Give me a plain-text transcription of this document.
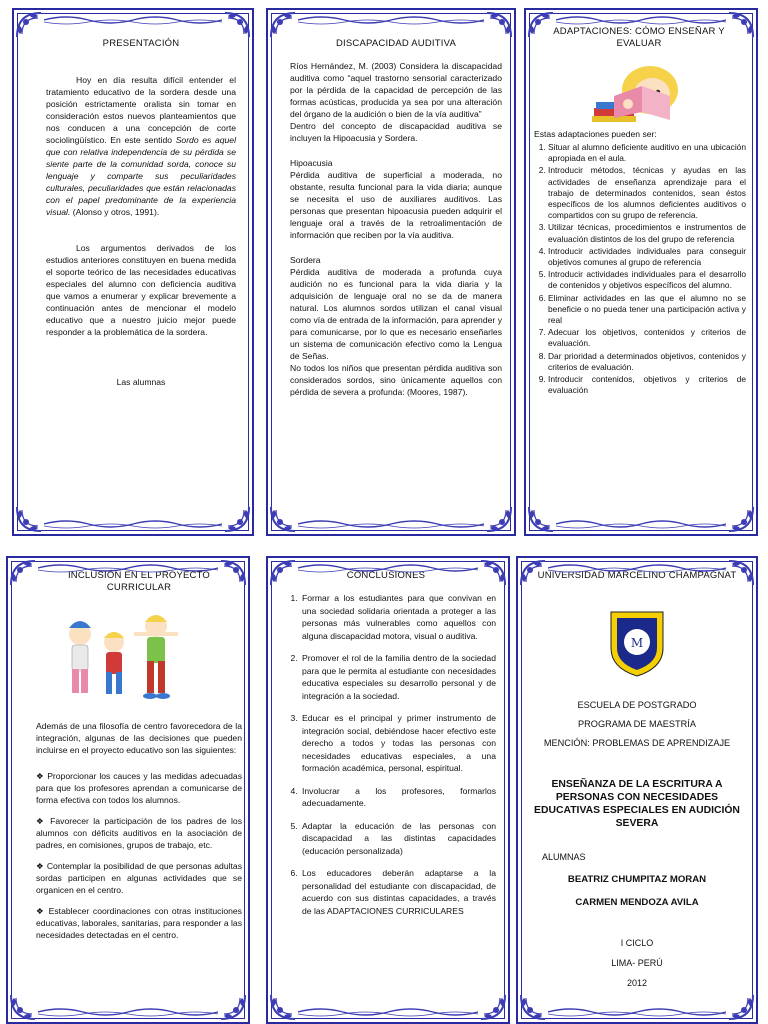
PRESENTACIÓN

Hoy en día resulta difícil entender el tratamiento educativo de la sordera desde una posición estrictamente oralista sin tomar en consideración estos nuevos planteamientos que nos conducen a una concepción de corte sociolingüístico. En este sentido Sordo es aquel que con relativa independencia de su pérdida se siente parte de la comunidad sorda, conoce su lenguaje y comparte sus peculiaridades culturales, peculiaridades que están relacionadas con el papel predominante de la experiencia visual. (Alonso y otros, 1991).

Los argumentos derivados de los estudios anteriores constituyen en buena medida el soporte teórico de las necesidades educativas especiales del alumno con deficiencia auditiva que vamos a enumerar y explicar brevemente a continuación antes de mencionar el modelo educativo que a nuestro juicio mejor puede responder a la problemática de la sordera.

Las alumnas
DISCAPACIDAD AUDITIVA

Ríos Hernández, M. (2003) Considera la discapacidad auditiva como “aquel trastorno sensorial caracterizado por la pérdida de la capacidad de percepción de las formas acústicas, producida ya sea por una alteración del órgano de la audición o bien de la vía auditiva”

Dentro del concepto de discapacidad auditiva se incluyen la Hipoacusia y Sordera.

Hipoacusia

Pérdida auditiva de superficial a moderada, no obstante, resulta funcional para la vida diaria; aunque se necesita el uso de auxiliares auditivos. Las personas que presentan hipoacusia pueden adquirir el lenguaje oral a través de la retroalimentación de información que reciben por la vía auditiva.

Sordera

Pérdida auditiva de moderada a profunda cuya audición no es funcional para la vida diaria y la adquisición de lenguaje oral no se da de manera natural. Los alumnos sordos utilizan el canal visual como vía de entrada de la información, para aprender y para comunicarse, por lo que es necesario enseñarles un sistema de comunicación efectivo como la Lengua de Señas.

No todos los niños que presentan pérdida auditiva son considerados sordos, sino únicamente aquellos con pérdida de severa a profunda: (Moores, 1987).

ADAPTACIONES: CÓMO ENSEÑAR Y EVALUAR

Estas adaptaciones pueden ser:

1. Situar al alumno deficiente auditivo en una ubicación apropiada en el aula.
2. Introducir métodos, técnicas y ayudas en las actividades de enseñanza aprendizaje para el trabajo de determinados contenidos, sean éstos específicos de los alumnos deficientes auditivos o compartidos con su grupo de referencia.
3. Utilizar técnicas, procedimientos e instrumentos de evaluación distintos de los del grupo de referencia
4. Introducir actividades individuales para conseguir objetivos comunes al grupo de referencia
5. Introducir actividades individuales para el desarrollo de contenidos y objetivos específicos del alumno.
6. Eliminar actividades en las que el alumno no se beneficie o no pueda tener una participación activa y real
7. Adecuar los objetivos, contenidos y criterios de evaluación.
8. Dar prioridad a determinados objetivos, contenidos y criterios de evaluación.
9. Introducir contenidos, objetivos y criterios de evaluación
INCLUSIÓN EN EL PROYECTO CURRICULAR

Además de una filosofía de centro favorecedora de la integración, algunas de las decisiones que pueden incluirse en el proyecto educativo son las siguientes:

❖ Proporcionar los cauces y las medidas adecuadas para que los profesores aprendan a comunicarse de forma efectiva con todos los alumnos.

❖ Favorecer la participación de los padres de los alumnos con déficits auditivos en la asociación de padres, en comisiones, grupos de trabajo, etc.

❖ Contemplar la posibilidad de que personas adultas sordas participen en algunas actividades que se organicen en el centro.

❖ Establecer coordinaciones con otras instituciones educativas, laborales, sanitarias, para responder a las necesidades detectadas en el centro.

CONCLUSIONES
1. Formar a los estudiantes para que convivan en una sociedad solidaria orientada a proteger a las personas más vulnerables como aquellos con alguna discapacidad motora, visual o auditiva.
2. Promover el rol de la familia dentro de la sociedad para que le permita al estudiante con necesidades educativa especiales su desarrollo personal y de integración a la sociedad.
3. Educar es el principal y primer instrumento de integración social, debiéndose hacer efectivo este derecho a todos y todas las personas con necesidades educativas especiales, a una formación académica, personal, espiritual.
4. Involucrar a los profesores, formarlos adecuadamente.
5. Adaptar la educación de las personas con discapacidad a las distintas capacidades (educación personalizada)
6. Los educadores deberán adaptarse a la personalidad del estudiante con discapacidad, de acuerdo con sus distintas capacidades, a través de las ADAPTACIONES CURRICULARES
UNIVERSIDAD MARCELINO CHAMPAGNAT
M
ESCUELA DE POSTGRADO
PROGRAMA DE MAESTRÍA
MENCIÓN: PROBLEMAS DE APRENDIZAJE
ENSEÑANZA DE LA ESCRITURA A PERSONAS CON NECESIDADES EDUCATIVAS ESPECIALES EN AUDICIÓN SEVERA
ALUMNAS
BEATRIZ CHUMPITAZ MORAN
CARMEN MENDOZA AVILA
I CICLO
LIMA- PERÚ
2012
